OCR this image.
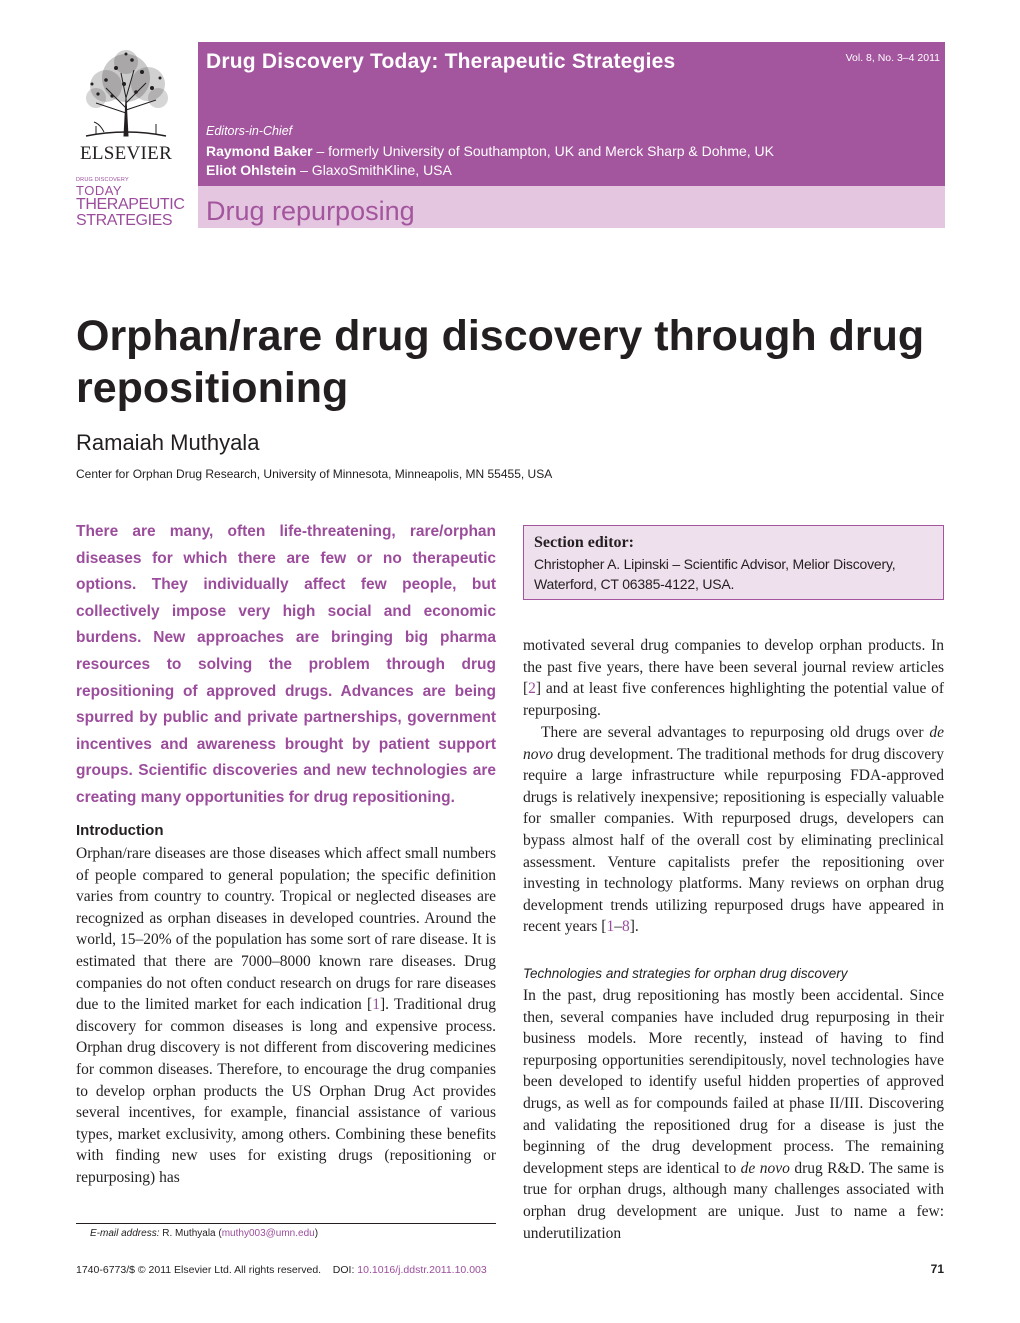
ELSEVIER
DRUG DISCOVERY
TODAY
THERAPEUTIC
STRATEGIES
Drug Discovery Today: Therapeutic Strategies	Vol. 8, No. 3–4 2011
Editors-in-Chief
Raymond Baker – formerly University of Southampton, UK and Merck Sharp & Dohme, UK
Eliot Ohlstein – GlaxoSmithKline, USA
Drug repurposing
Orphan/rare drug discovery through drug repositioning
Ramaiah Muthyala
Center for Orphan Drug Research, University of Minnesota, Minneapolis, MN 55455, USA
There are many, often life-threatening, rare/orphan diseases for which there are few or no therapeutic options. They individually affect few people, but collectively impose very high social and economic burdens. New approaches are bringing big pharma resources to solving the problem through drug repositioning of approved drugs. Advances are being spurred by public and private partnerships, government incentives and awareness brought by patient support groups. Scientific discoveries and new technologies are creating many opportunities for drug repositioning.
Introduction
Orphan/rare diseases are those diseases which affect small numbers of people compared to general population; the specific definition varies from country to country. Tropical or neglected diseases are recognized as orphan diseases in developed countries. Around the world, 15–20% of the population has some sort of rare disease. It is estimated that there are 7000–8000 known rare diseases. Drug companies do not often conduct research on drugs for rare diseases due to the limited market for each indication [1]. Traditional drug discovery for common diseases is long and expensive process. Orphan drug discovery is not different from discovering medicines for common diseases. Therefore, to encourage the drug companies to develop orphan products the US Orphan Drug Act provides several incentives, for example, financial assistance of various types, market exclusivity, among others. Combining these benefits with finding new uses for existing drugs (repositioning or repurposing) has
E-mail address: R. Muthyala (muthy003@umn.edu)
Section editor:
Christopher A. Lipinski – Scientific Advisor, Melior Discovery, Waterford, CT 06385-4122, USA.
motivated several drug companies to develop orphan products. In the past five years, there have been several journal review articles [2] and at least five conferences highlighting the potential value of repurposing.
There are several advantages to repurposing old drugs over de novo drug development. The traditional methods for drug discovery require a large infrastructure while repurposing FDA-approved drugs is relatively inexpensive; repositioning is especially valuable for smaller companies. With repurposed drugs, developers can bypass almost half of the overall cost by eliminating preclinical assessment. Venture capitalists prefer the repositioning over investing in technology platforms. Many reviews on orphan drug development trends utilizing repurposed drugs have appeared in recent years [1–8].
Technologies and strategies for orphan drug discovery
In the past, drug repositioning has mostly been accidental. Since then, several companies have included drug repurposing in their business models. More recently, instead of having to find repurposing opportunities serendipitously, novel technologies have been developed to identify useful hidden properties of approved drugs, as well as for compounds failed at phase II/III. Discovering and validating the repositioned drug for a disease is just the beginning of the drug development process. The remaining development steps are identical to de novo drug R&D. The same is true for orphan drugs, although many challenges associated with orphan drug development are unique. Just to name a few: underutilization
1740-6773/$ © 2011 Elsevier Ltd. All rights reserved. DOI: 10.1016/j.ddstr.2011.10.003	71
